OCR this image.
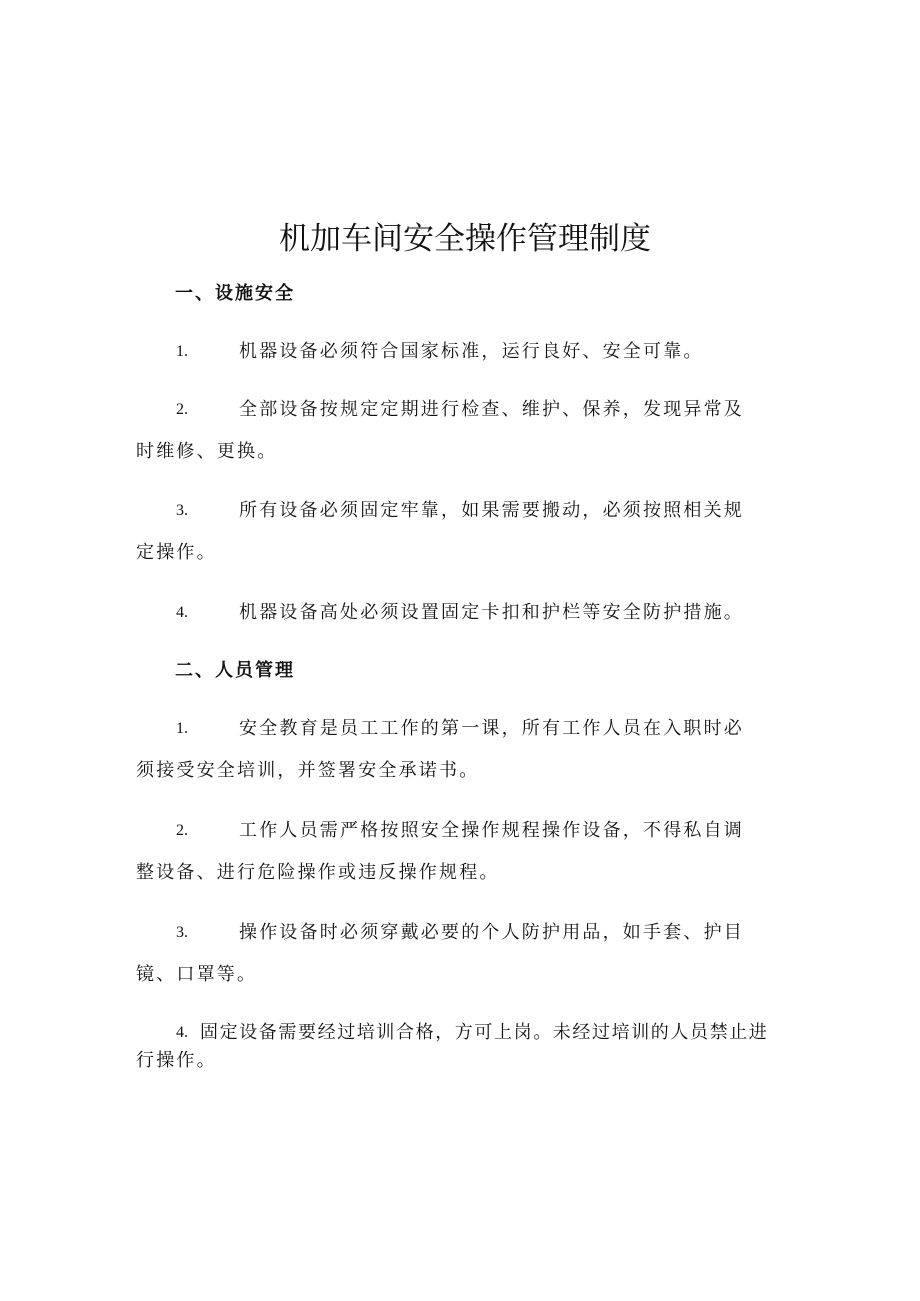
机加车间安全操作管理制度
一、设施安全
1.	机器设备必须符合国家标准，运行良好、安全可靠。
2.	全部设备按规定定期进行检查、维护、保养，发现异常及
时维修、更换。
3.	所有设备必须固定牢靠，如果需要搬动，必须按照相关规
定操作。
4.	机器设备高处必须设置固定卡扣和护栏等安全防护措施。
二、人员管理
1.	安全教育是员工工作的第一课，所有工作人员在入职时必
须接受安全培训，并签署安全承诺书。
2.	工作人员需严格按照安全操作规程操作设备，不得私自调
整设备、进行危险操作或违反操作规程。
3.	操作设备时必须穿戴必要的个人防护用品，如手套、护目
镜、口罩等。
4. 固定设备需要经过培训合格，方可上岗。未经过培训的人员禁止进
行操作。
